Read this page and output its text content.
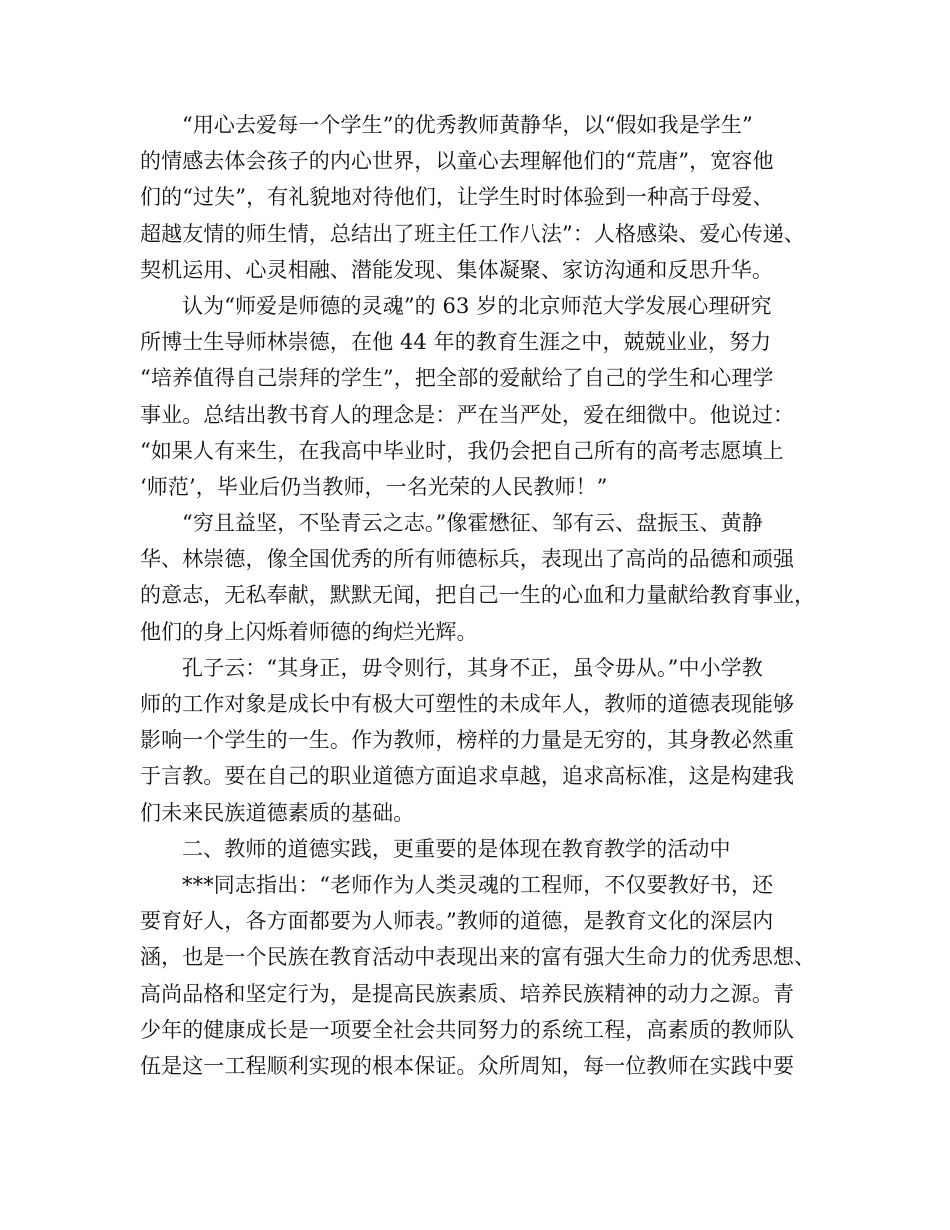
“用心去爱每一个学生”的优秀教师黄静华，以“假如我是学生”
的情感去体会孩子的内心世界，以童心去理解他们的“荒唐”，宽容他
们的“过失”，有礼貌地对待他们，让学生时时体验到一种高于母爱、
超越友情的师生情，总结出了班主任工作八法”：人格感染、爱心传递、
契机运用、心灵相融、潜能发现、集体凝聚、家访沟通和反思升华。
认为“师爱是师德的灵魂”的 63 岁的北京师范大学发展心理研究
所博士生导师林崇德，在他 44 年的教育生涯之中，兢兢业业，努力
“培养值得自己崇拜的学生”，把全部的爱献给了自己的学生和心理学
事业。总结出教书育人的理念是：严在当严处，爱在细微中。他说过：
“如果人有来生，在我高中毕业时，我仍会把自己所有的高考志愿填上
‘师范’，毕业后仍当教师，一名光荣的人民教师！”
“穷且益坚，不坠青云之志。”像霍懋征、邹有云、盘振玉、黄静
华、林崇德，像全国优秀的所有师德标兵，表现出了高尚的品德和顽强
的意志，无私奉献，默默无闻，把自己一生的心血和力量献给教育事业，
他们的身上闪烁着师德的绚烂光辉。
孔子云：“其身正，毋令则行，其身不正，虽令毋从。”中小学教
师的工作对象是成长中有极大可塑性的未成年人，教师的道德表现能够
影响一个学生的一生。作为教师，榜样的力量是无穷的，其身教必然重
于言教。要在自己的职业道德方面追求卓越，追求高标准，这是构建我
们未来民族道德素质的基础。
二、教师的道德实践，更重要的是体现在教育教学的活动中
***同志指出：“老师作为人类灵魂的工程师，不仅要教好书，还
要育好人，各方面都要为人师表。”教师的道德，是教育文化的深层内
涵，也是一个民族在教育活动中表现出来的富有强大生命力的优秀思想、
高尚品格和坚定行为，是提高民族素质、培养民族精神的动力之源。青
少年的健康成长是一项要全社会共同努力的系统工程，高素质的教师队
伍是这一工程顺利实现的根本保证。众所周知，每一位教师在实践中要
